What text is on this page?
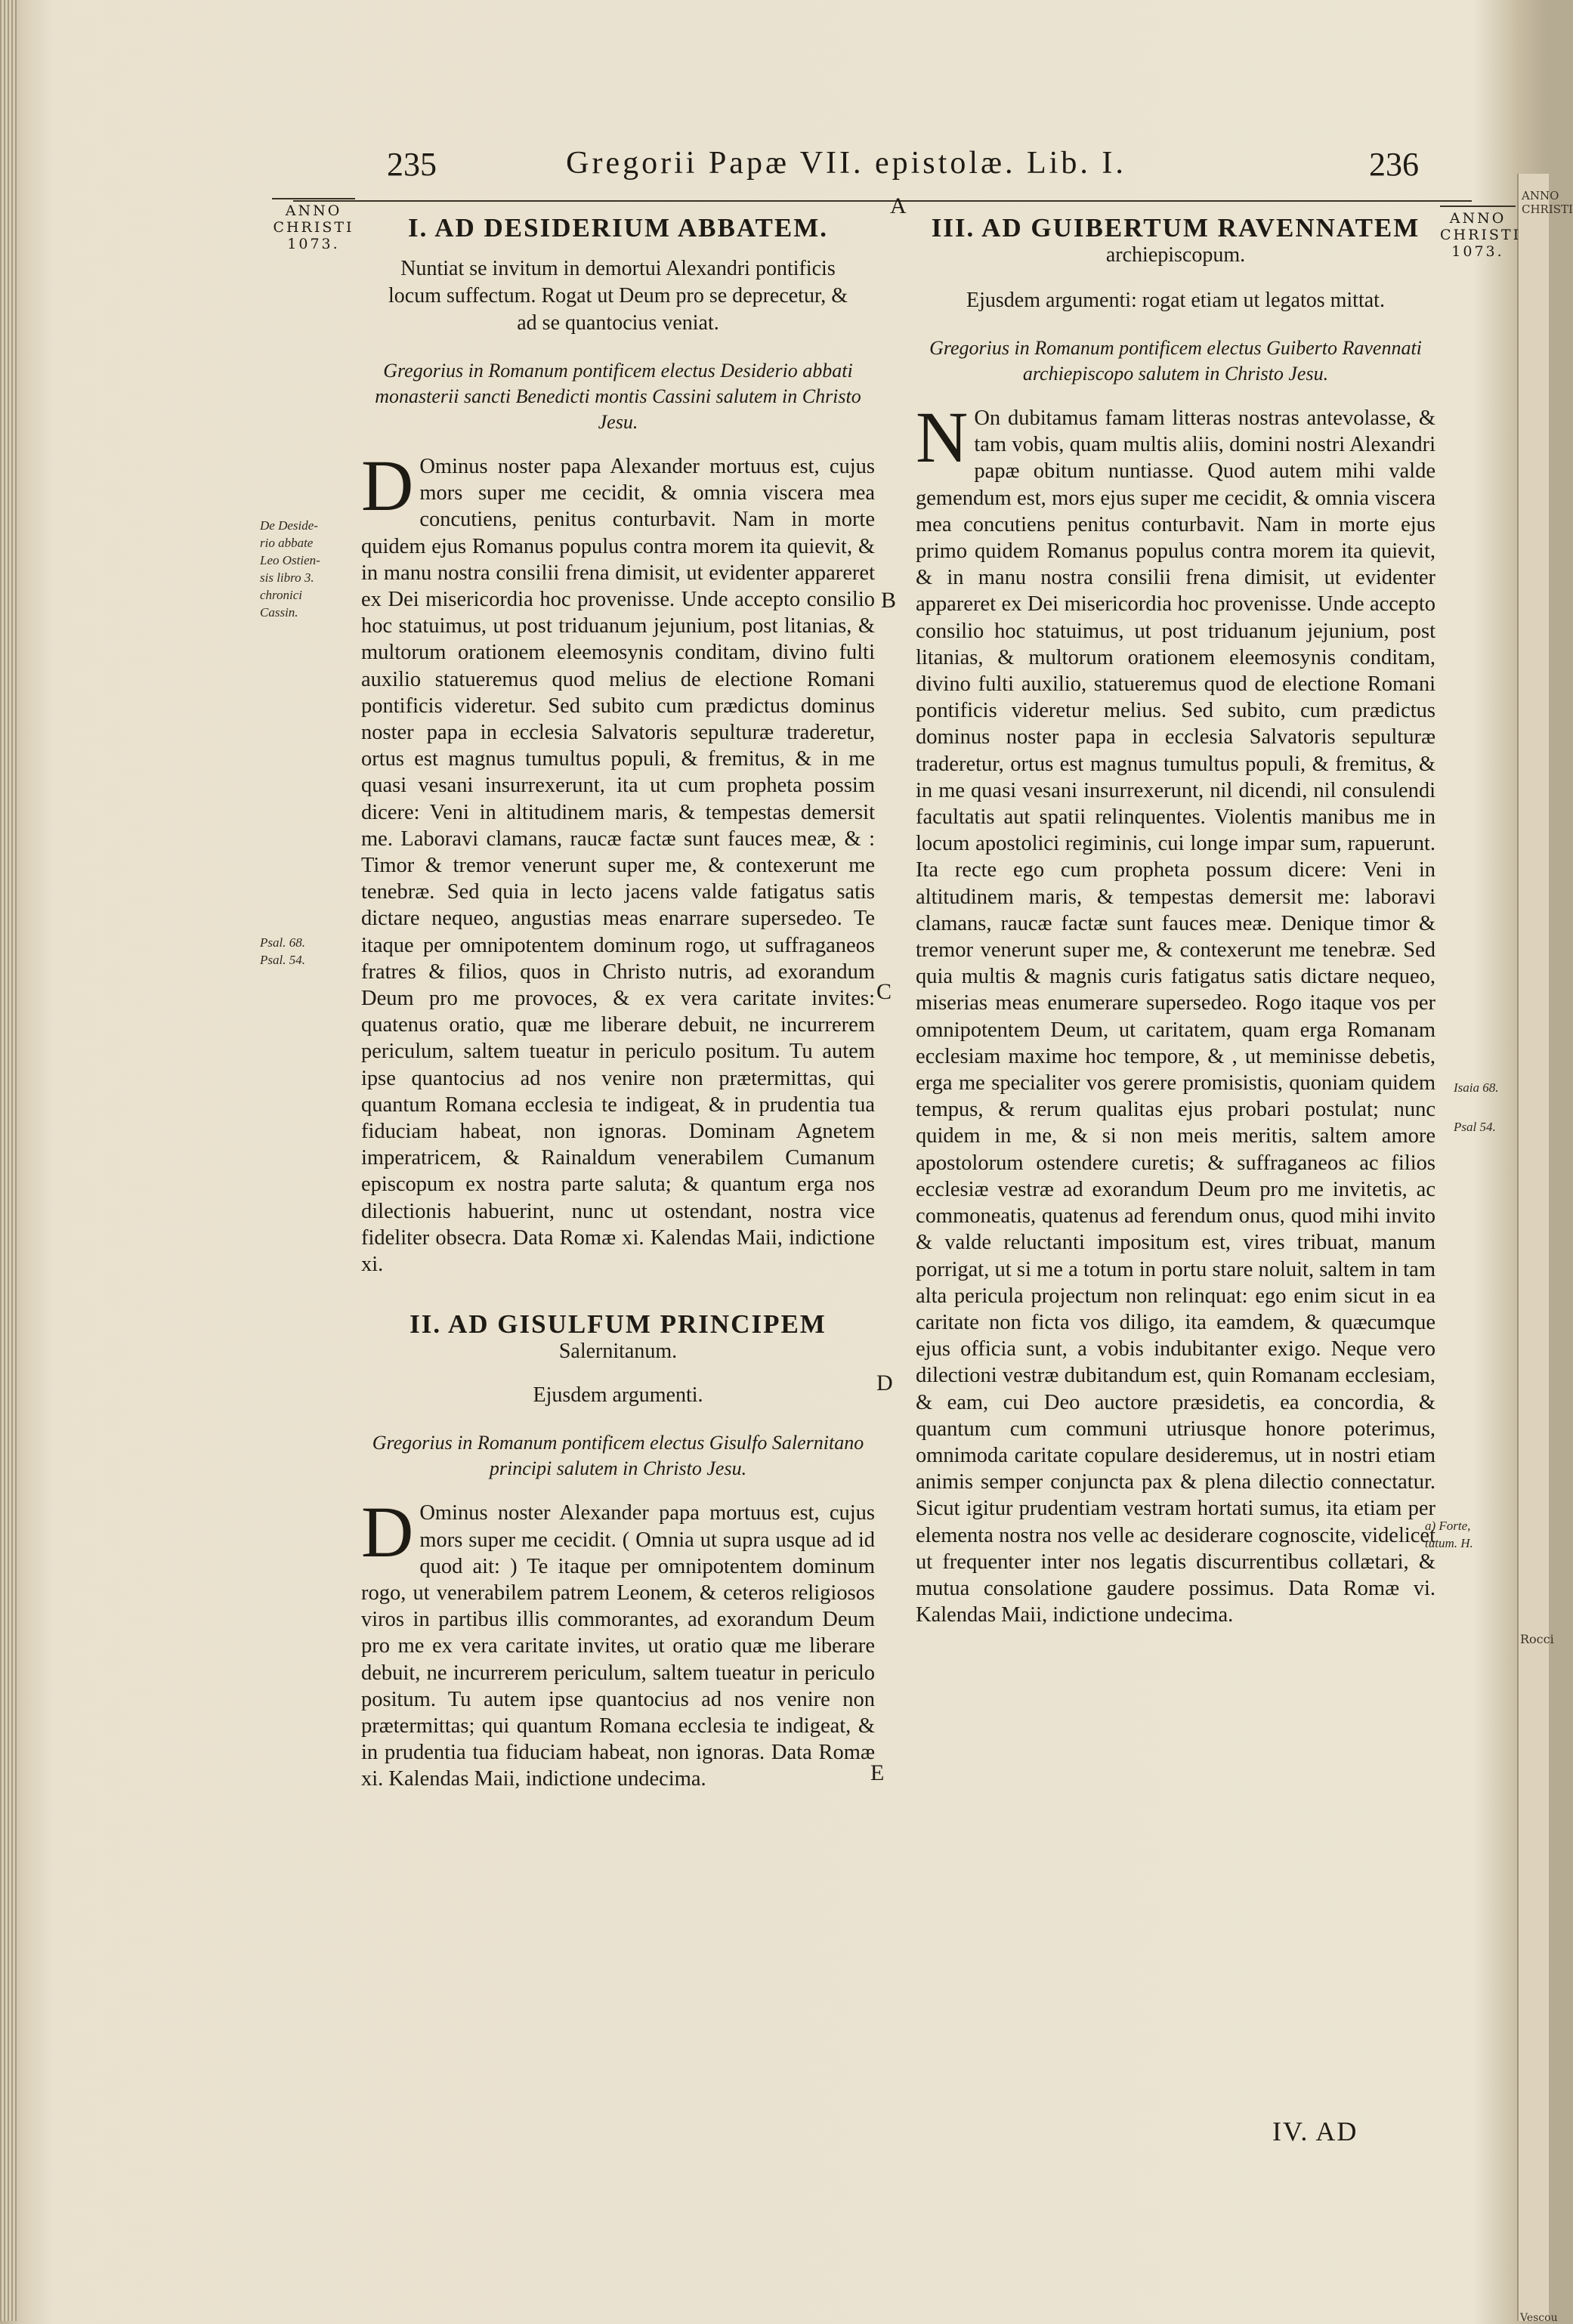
ANNO
CHRISTI
Rocci
Vescou
235	Gregorii Papæ VII. epistolæ. Lib. I.	236
ANNO
CHRISTI
1073.
ANNO
CHRISTI
1073.
De Deside-
rio abbate
Leo Ostien-
sis libro 3.
chronici
Cassin.
Psal. 68.
Psal. 54.
Isaia 68.
Psal 54.
a) Forte,
tutum. H.
A
B
C
D
E
I. AD DESIDERIUM ABBATEM.

Nuntiat se invitum in demortui Alexandri pontificis locum suffectum. Rogat ut Deum pro se deprecetur, & ad se quantocius veniat.

Gregorius in Romanum pontificem electus Desiderio abbati monasterii sancti Benedicti montis Cassini salutem in Christo Jesu.

D Ominus noster papa Alexander mortuus est, cujus mors super me cecidit, & omnia viscera mea concutiens, penitus conturbavit. Nam in morte quidem ejus Romanus populus contra morem ita quievit, & in manu nostra consilii frena dimisit, ut evidenter appareret ex Dei misericordia hoc provenisse. Unde accepto consilio hoc statuimus, ut post triduanum jejunium, post litanias, & multorum orationem eleemosynis conditam, divino fulti auxilio statueremus quod melius de electione Romani pontificis videretur. Sed subito cum prædictus dominus noster papa in ecclesia Salvatoris sepulturæ traderetur, ortus est magnus tumultus populi, & fremitus, & in me quasi vesani insurrexerunt, ita ut cum propheta possim dicere: Veni in altitudinem maris, & tempestas demersit me. Laboravi clamans, raucæ factæ sunt fauces meæ, & : Timor & tremor venerunt super me, & contexerunt me tenebræ. Sed quia in lecto jacens valde fatigatus satis dictare nequeo, angustias meas enarrare supersedeo. Te itaque per omnipotentem dominum rogo, ut suffraganeos fratres & filios, quos in Christo nutris, ad exorandum Deum pro me provoces, & ex vera caritate invites: quatenus oratio, quæ me liberare debuit, ne incurrerem periculum, saltem tueatur in periculo positum. Tu autem ipse quantocius ad nos venire non prætermittas, qui quantum Romana ecclesia te indigeat, & in prudentia tua fiduciam habeat, non ignoras. Dominam Agnetem imperatricem, & Rainaldum venerabilem Cumanum episcopum ex nostra parte saluta; & quantum erga nos dilectionis habuerint, nunc ut ostendant, nostra vice fideliter obsecra. Data Romæ xi. Kalendas Maii, indictione xi.
II. AD GISULFUM PRINCIPEM

Salernitanum.

Ejusdem argumenti.

Gregorius in Romanum pontificem electus Gisulfo Salernitano principi salutem in Christo Jesu.

D Ominus noster Alexander papa mortuus est, cujus mors super me cecidit. ( Omnia ut supra usque ad id quod ait: ) Te itaque per omnipotentem dominum rogo, ut venerabilem patrem Leonem, & ceteros religiosos viros in partibus illis commorantes, ad exorandum Deum pro me ex vera caritate invites, ut oratio quæ me liberare debuit, ne incurrerem periculum, saltem tueatur in periculo positum. Tu autem ipse quantocius ad nos venire non prætermittas; qui quantum Romana ecclesia te indigeat, & in prudentia tua fiduciam habeat, non ignoras. Data Romæ xi. Kalendas Maii, indictione undecima.
III. AD GUIBERTUM RAVENNATEM

archiepiscopum.

Ejusdem argumenti: rogat etiam ut legatos mittat.

Gregorius in Romanum pontificem electus Guiberto Ravennati archiepiscopo salutem in Christo Jesu.

N On dubitamus famam litteras nostras antevolasse, & tam vobis, quam multis aliis, domini nostri Alexandri papæ obitum nuntiasse. Quod autem mihi valde gemendum est, mors ejus super me cecidit, & omnia viscera mea concutiens penitus conturbavit. Nam in morte ejus primo quidem Romanus populus contra morem ita quievit, & in manu nostra consilii frena dimisit, ut evidenter appareret ex Dei misericordia hoc provenisse. Unde accepto consilio hoc statuimus, ut post triduanum jejunium, post litanias, & multorum orationem eleemosynis conditam, divino fulti auxilio, statueremus quod de electione Romani pontificis videretur melius. Sed subito, cum prædictus dominus noster papa in ecclesia Salvatoris sepulturæ traderetur, ortus est magnus tumultus populi, & fremitus, & in me quasi vesani insurrexerunt, nil dicendi, nil consulendi facultatis aut spatii relinquentes. Violentis manibus me in locum apostolici regiminis, cui longe impar sum, rapuerunt. Ita recte ego cum propheta possum dicere: Veni in altitudinem maris, & tempestas demersit me: laboravi clamans, raucæ factæ sunt fauces meæ. Denique timor & tremor venerunt super me, & contexerunt me tenebræ. Sed quia multis & magnis curis fatigatus satis dictare nequeo, miserias meas enumerare supersedeo. Rogo itaque vos per omnipotentem Deum, ut caritatem, quam erga Romanam ecclesiam maxime hoc tempore, & , ut meminisse debetis, erga me specialiter vos gerere promisistis, quoniam quidem tempus, & rerum qualitas ejus probari postulat; nunc quidem in me, & si non meis meritis, saltem amore apostolorum ostendere curetis; & suffraganeos ac filios ecclesiæ vestræ ad exorandum Deum pro me invitetis, ac commoneatis, quatenus ad ferendum onus, quod mihi invito & valde reluctanti impositum est, vires tribuat, manum porrigat, ut si me a totum in portu stare noluit, saltem in tam alta pericula projectum non relinquat: ego enim sicut in ea caritate non ficta vos diligo, ita eamdem, & quæcumque ejus officia sunt, a vobis indubitanter exigo. Neque vero dilectioni vestræ dubitandum est, quin Romanam ecclesiam, & eam, cui Deo auctore præsidetis, ea concordia, & quantum cum communi utriusque honore poterimus, omnimoda caritate copulare desideremus, ut in nostri etiam animis semper conjuncta pax & plena dilectio connectatur. Sicut igitur prudentiam vestram hortati sumus, ita etiam per elementa nostra nos velle ac desiderare cognoscite, videlicet ut frequenter inter nos legatis discurrentibus collætari, & mutua consolatione gaudere possimus. Data Romæ vi. Kalendas Maii, indictione undecima.
IV. AD
